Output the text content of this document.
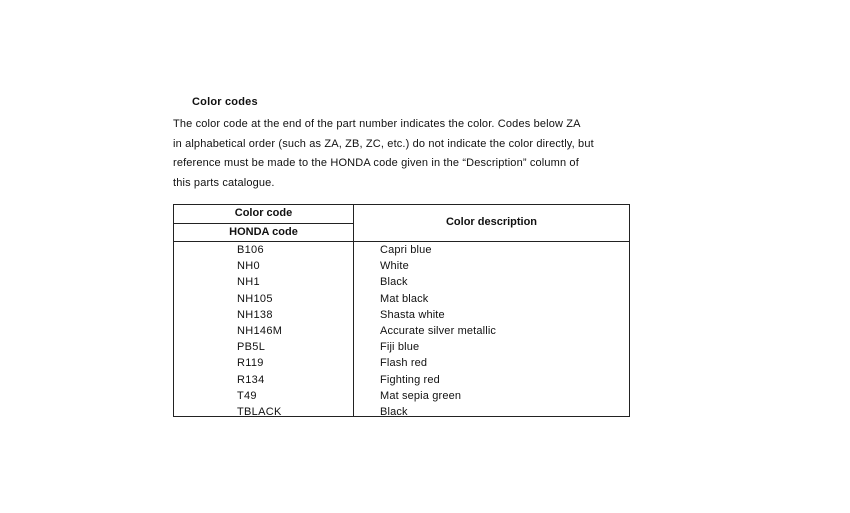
Color codes
The color code at the end of the part number indicates the color. Codes below ZA
in alphabetical order (such as ZA, ZB, ZC, etc.) do not indicate the color directly, but
reference must be made to the HONDA code given in the “Description” column of
this parts catalogue.
Color code
HONDA code
Color description
B106	Capri blue
NH0	White
NH1	Black
NH105	Mat black
NH138	Shasta white
NH146M	Accurate silver metallic
PB5L	Fiji blue
R119	Flash red
R134	Fighting red
T49	Mat sepia green
TBLACK	Black
